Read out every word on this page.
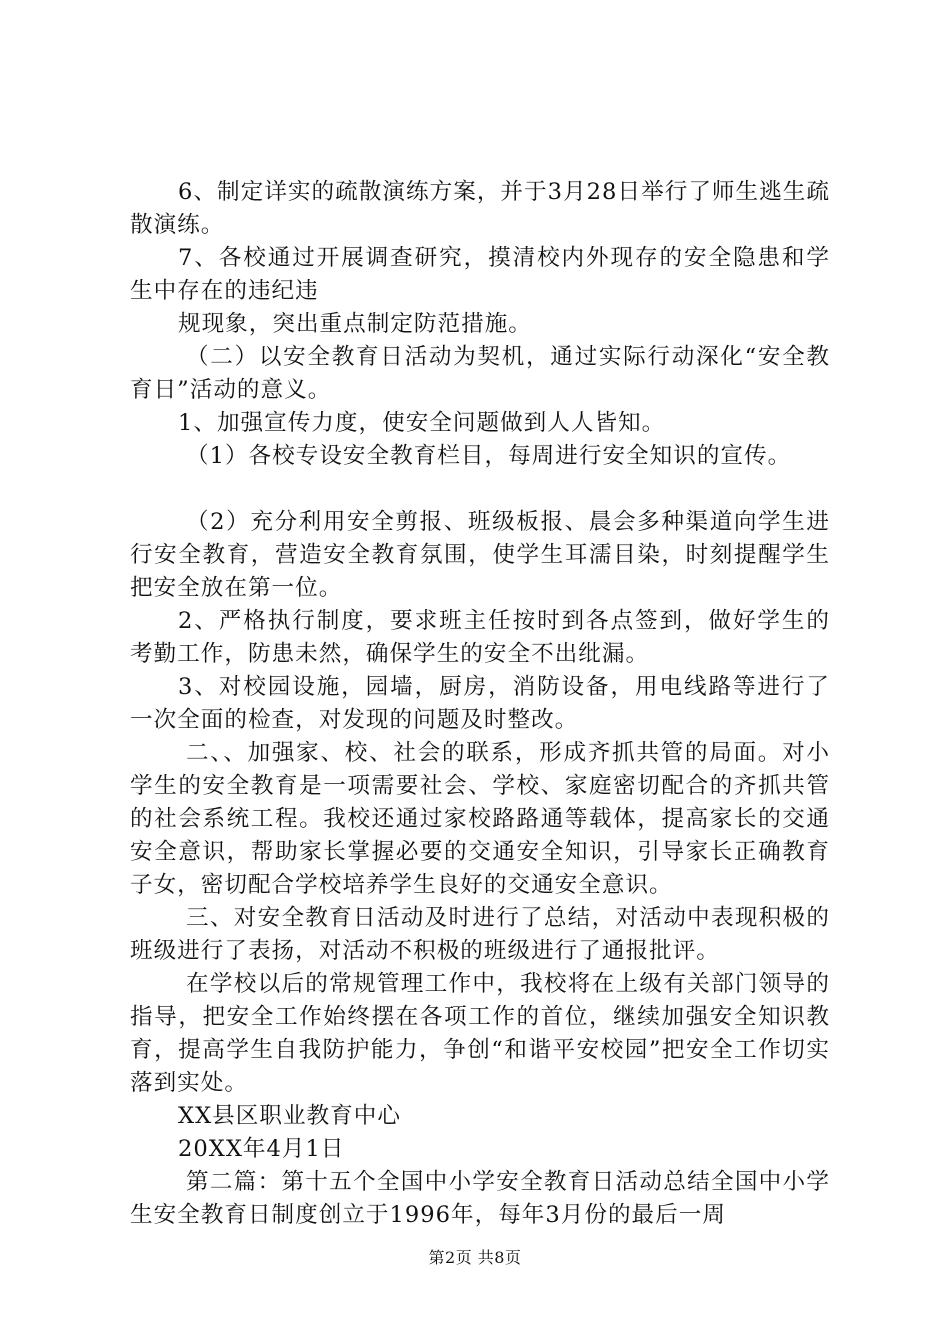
6、制定详实的疏散演练方案，并于3月28日举行了师生逃生疏散演练。

7、各校通过开展调查研究，摸清校内外现存的安全隐患和学生中存在的违纪违

规现象，突出重点制定防范措施。

（二）以安全教育日活动为契机，通过实际行动深化“安全教育日”活动的意义。

1、加强宣传力度，使安全问题做到人人皆知。

（1）各校专设安全教育栏目，每周进行安全知识的宣传。

（2）充分利用安全剪报、班级板报、晨会多种渠道向学生进行安全教育，营造安全教育氛围，使学生耳濡目染，时刻提醒学生把安全放在第一位。

2、严格执行制度，要求班主任按时到各点签到，做好学生的考勤工作，防患未然，确保学生的安全不出纰漏。

3、对校园设施，园墙，厨房，消防设备，用电线路等进行了一次全面的检查，对发现的问题及时整改。

二、、加强家、校、社会的联系，形成齐抓共管的局面。对小学生的安全教育是一项需要社会、学校、家庭密切配合的齐抓共管的社会系统工程。我校还通过家校路路通等载体，提高家长的交通安全意识，帮助家长掌握必要的交通安全知识，引导家长正确教育子女，密切配合学校培养学生良好的交通安全意识。

三、对安全教育日活动及时进行了总结，对活动中表现积极的班级进行了表扬，对活动不积极的班级进行了通报批评。

在学校以后的常规管理工作中，我校将在上级有关部门领导的指导，把安全工作始终摆在各项工作的首位，继续加强安全知识教育，提高学生自我防护能力，争创“和谐平安校园”把安全工作切实落到实处。

XX县区职业教育中心

20XX年4月1日

第二篇：第十五个全国中小学安全教育日活动总结全国中小学生安全教育日制度创立于1996年，每年3月份的最后一周

第2页 共8页
